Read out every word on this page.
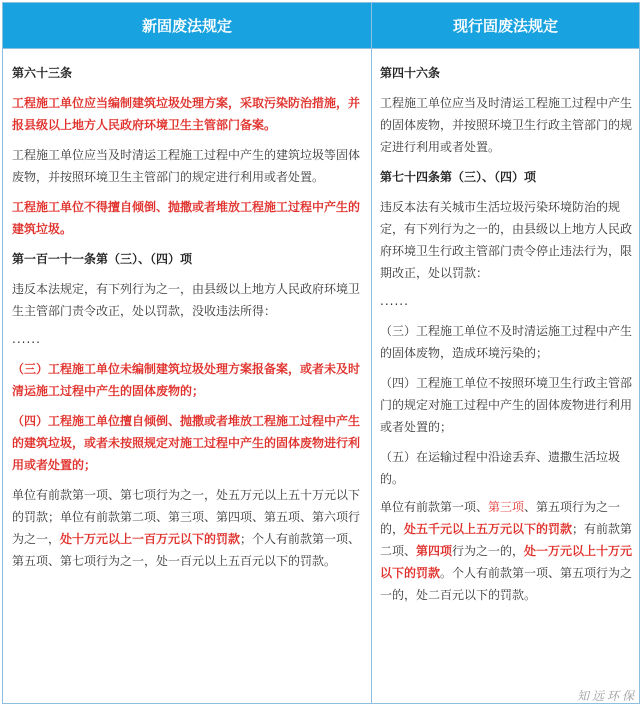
新固废法规定

第六十三条

工程施工单位应当编制建筑垃圾处理方案，采取污染防治措施，并报县级以上地方人民政府环境卫生主管部门备案。

工程施工单位应当及时清运工程施工过程中产生的建筑垃圾等固体废物，并按照环境卫生主管部门的规定进行利用或者处置。

工程施工单位不得擅自倾倒、抛撒或者堆放工程施工过程中产生的建筑垃圾。

第一百一十一条第（三）、（四）项

违反本法规定，有下列行为之一，由县级以上地方人民政府环境卫生主管部门责令改正，处以罚款，没收违法所得：

......

（三）工程施工单位未编制建筑垃圾处理方案报备案，或者未及时清运施工过程中产生的固体废物的；

（四）工程施工单位擅自倾倒、抛撒或者堆放工程施工过程中产生的建筑垃圾，或者未按照规定对施工过程中产生的固体废物进行利用或者处置的；

单位有前款第一项、第七项行为之一，处五万元以上五十万元以下的罚款；单位有前款第二项、第三项、第四项、第五项、第六项行为之一，处十万元以上一百万元以下的罚款；个人有前款第一项、第五项、第七项行为之一，处一百元以上五百元以下的罚款。

现行固废法规定

第四十六条

工程施工单位应当及时清运工程施工过程中产生的固体废物，并按照环境卫生行政主管部门的规定进行利用或者处置。

第七十四条第（三）、（四）项

违反本法有关城市生活垃圾污染环境防治的规定，有下列行为之一的，由县级以上地方人民政府环境卫生行政主管部门责令停止违法行为，限期改正，处以罚款：

......

（三）工程施工单位不及时清运施工过程中产生的固体废物，造成环境污染的；

（四）工程施工单位不按照环境卫生行政主管部门的规定对施工过程中产生的固体废物进行利用或者处置的；

（五）在运输过程中沿途丢弃、遗撒生活垃圾的。

单位有前款第一项、第三项、第五项行为之一的，处五千元以上五万元以下的罚款；有前款第二项、第四项行为之一的，处一万元以上十万元以下的罚款。个人有前款第一项、第五项行为之一的，处二百元以下的罚款。

知远环保
